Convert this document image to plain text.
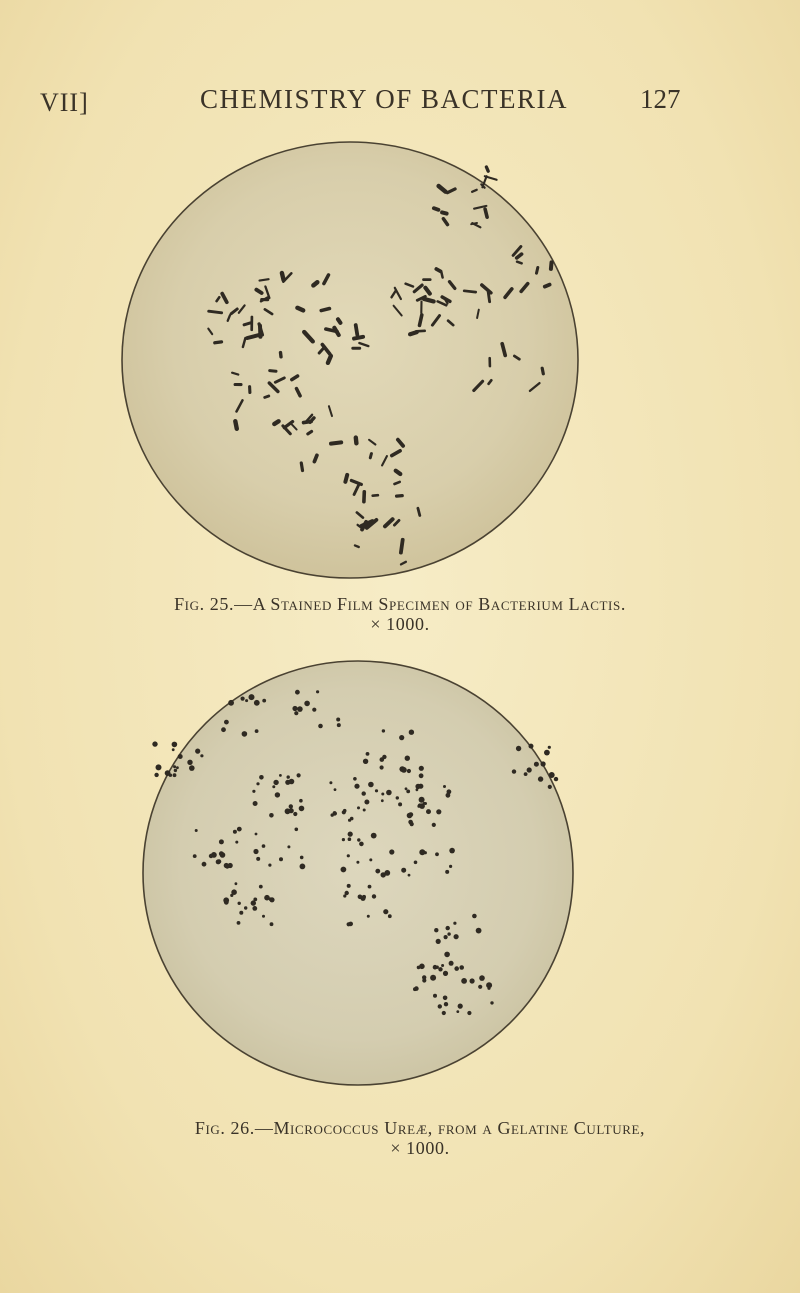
VII]	CHEMISTRY OF BACTERIA	127
Fig. 25.—A Stained Film Specimen of Bacterium Lactis.
× 1000.
Fig. 26.—Micrococcus Ureæ, from a Gelatine Culture,
× 1000.
